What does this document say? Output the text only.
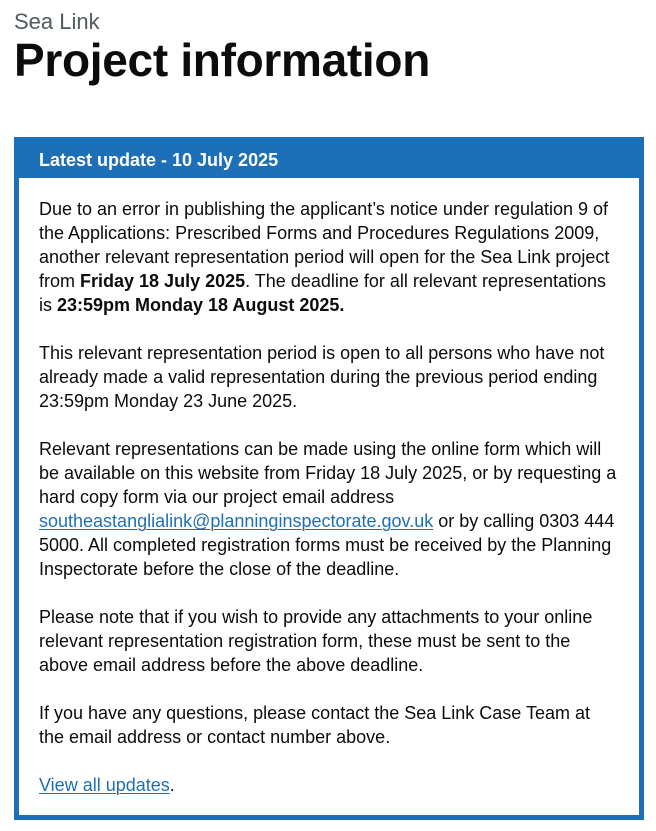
Sea Link
Project information
Latest update - 10 July 2025

Due to an error in publishing the applicant’s notice under regulation 9 of the Applications: Prescribed Forms and Procedures Regulations 2009, another relevant representation period will open for the Sea Link project from Friday 18 July 2025. The deadline for all relevant representations is 23:59pm Monday 18 August 2025.

This relevant representation period is open to all persons who have not already made a valid representation during the previous period ending 23:59pm Monday 23 June 2025.

Relevant representations can be made using the online form which will be available on this website from Friday 18 July 2025, or by requesting a hard copy form via our project email address southeastanglialink@planninginspectorate.gov.uk or by calling 0303 444 5000. All completed registration forms must be received by the Planning Inspectorate before the close of the deadline.

Please note that if you wish to provide any attachments to your online relevant representation registration form, these must be sent to the above email address before the above deadline.

If you have any questions, please contact the Sea Link Case Team at the email address or contact number above.

View all updates.
